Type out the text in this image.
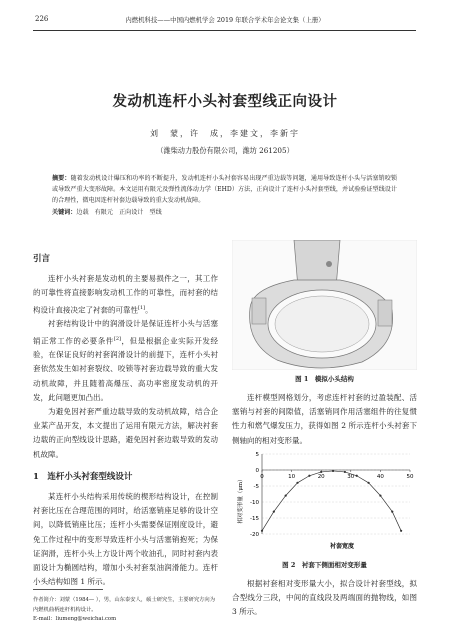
226	内燃机科技——中国内燃机学会 2019 年联合学术年会论文集（上册）
发动机连杆小头衬套型线正向设计
刘　蒙，许　成，李建文，李新宇
（潍柴动力股份有限公司，潍坊 261205）
摘要：随着发动机设计爆压和功率的不断提升，发动机连杆小头衬套容易出现严重边载等问题，通用导致连杆小头与活塞销咬锁或导致严重大变形故障。本文运用有限元及弹性流体动力学（EHD）方法，正向设计了连杆小头衬套型线，并试验验证型线设计的合理性，微电因连杆衬套边载导致的重大发动机故障。
关键词：边载　有限元　正向设计　型线
引言

连杆小头衬套是发动机的主要易损件之一，其工作的可靠性将直接影响发动机工作的可靠性，而衬套的结构设计直接决定了衬套的可靠性[1]。

衬套结构设计中的润滑设计是保证连杆小头与活塞销正常工作的必要条件[2]，但是根据企业实际开发经验，在保证良好的衬套润滑设计的前提下，连杆小头衬套依然发生如衬套裂纹、咬锁等衬套边载导致的重大发动机故障，并且随着高爆压、高功率密度发动机的开发，此问题更加凸出。

为避免因衬套严重边载导致的发动机故障，结合企业某产品开发，本文提出了运用有限元方法，解决衬套边载的正向型线设计思路，避免因衬套边载导致的发动机故障。

1　连杆小头衬套型线设计

某连杆小头结构采用传统的楔形结构设计，在控制衬套比压在合理范围的同时，给活塞销座足够的设计空间，以降低销座比压；连杆小头需要保证刚度设计，避免工作过程中的变形导致连杆小头与活塞销抱死；为保证润滑，连杆小头上方设计两个收油孔，同时衬套内表面设计为椭圆结构，增加小头衬套泵油润滑能力。连杆小头结构如图 1 所示。

作者简介：刘蒙（1984— ），男，山东泰安人，硕士研究生，主要研究方向为
内燃机曲柄连杆机构设计。
E-mail：liumeng@weichai.com
图 1　模拟小头结构

连杆模型网格划分，考虑连杆衬套的过盈装配、活塞销与衬套的间隙值，活塞销同作用活塞组件的往复惯性力和燃气爆发压力，获得如图 2 所示连杆小头衬套下侧轴向的相对变形量。

5
0
-5
-10
-15
-20
0	10	20	30	40	50
衬套宽度
相对变形量（μm）
图 2　衬套下侧面相对变形量

根据衬套相对变形量大小，拟合设计衬套型线，拟合型线分三段，中间的直线段及两端面的抛物线，如图 3 所示。
